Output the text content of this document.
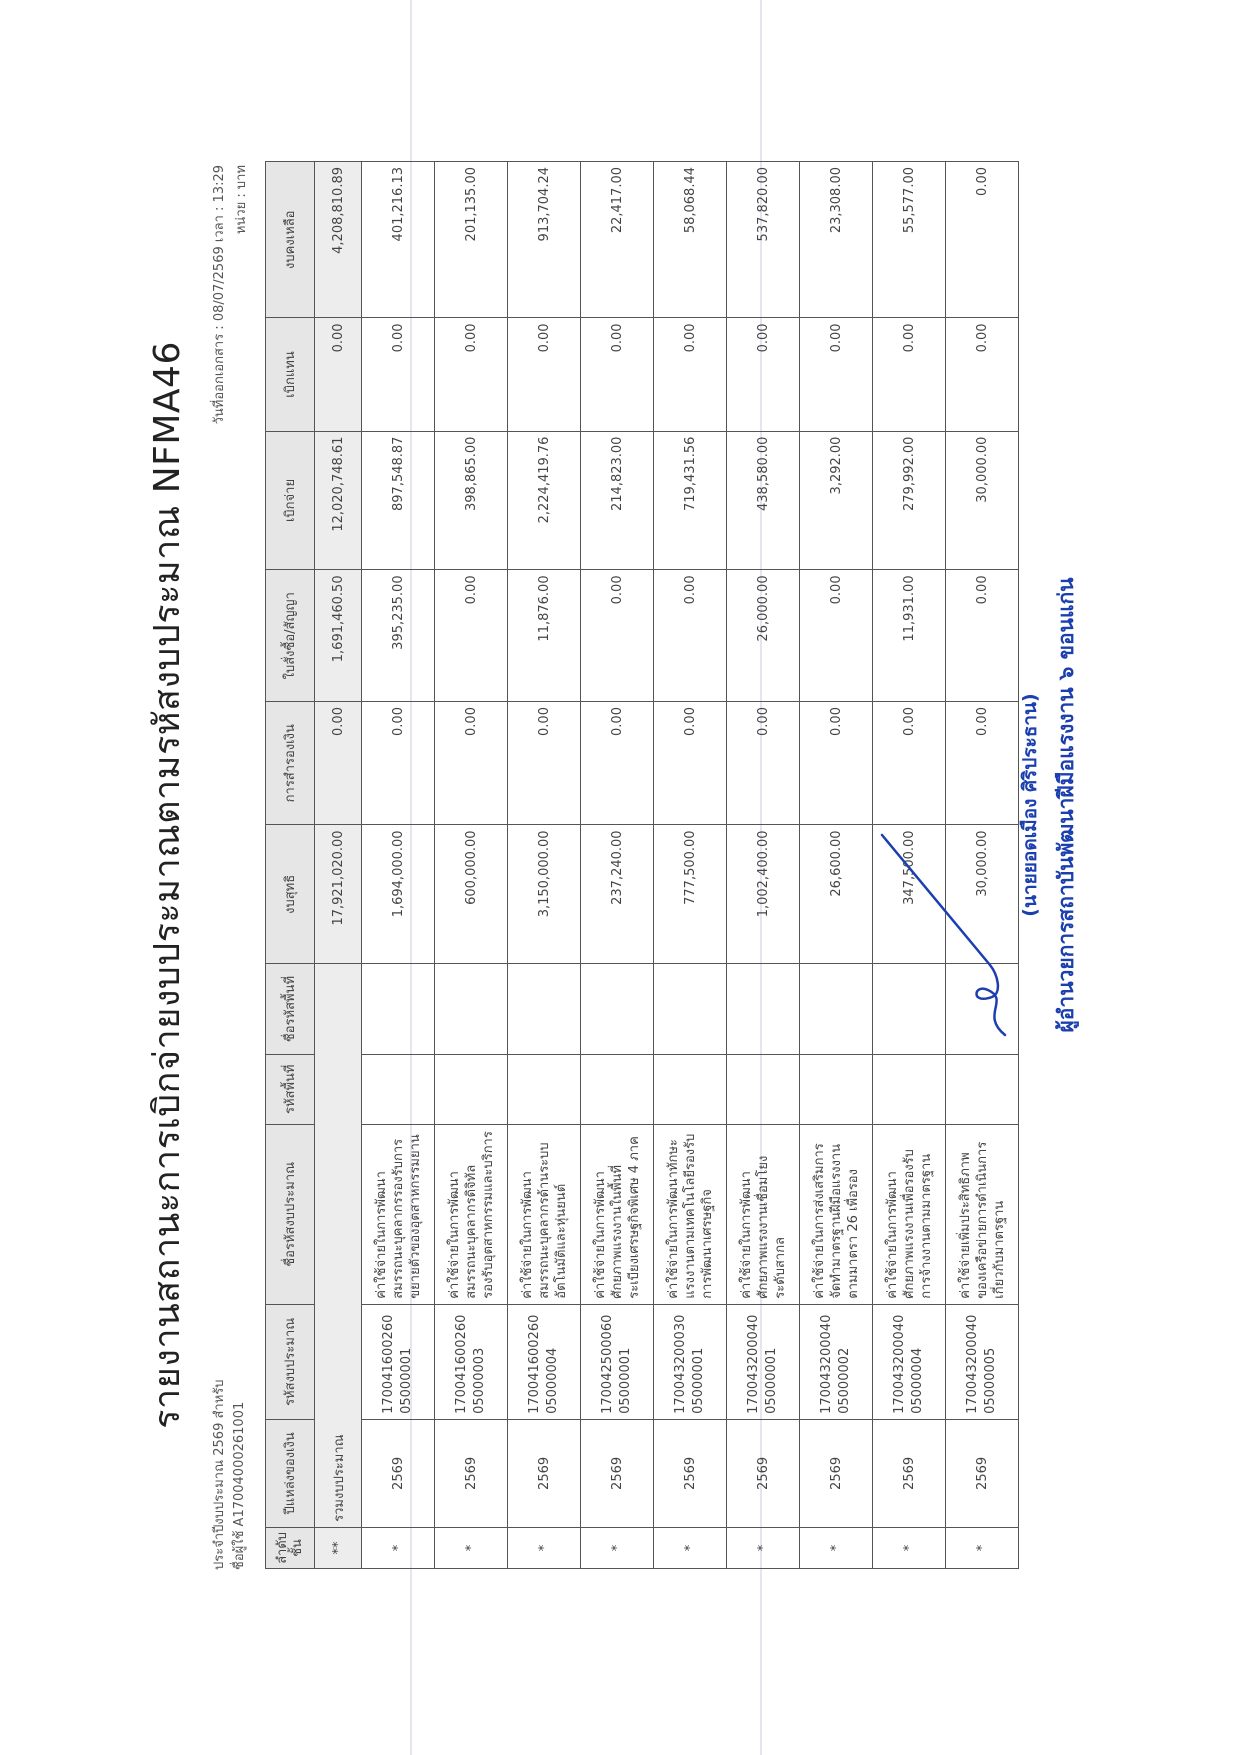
รายงานสถานะการเบิกจ่ายงบประมาณตามรหัสงบประมาณ NFMA46
ประจำปีงบประมาณ 2569 สำหรับ ชื่อผู้ใช้ A17004000261001
วันที่ออกเอกสาร : 08/07/2569 เวลา : 13:29 หน่วย : บาท
ลำดับชั้น	ปีแหล่งของเงิน	รหัสงบประมาณ	ชื่อรหัสงบประมาณ	รหัสพื้นที่	ชื่อรหัสพื้นที่	งบสุทธิ	การสำรองเงิน	ใบสั่งซื้อ/สัญญา	เบิกจ่าย	เบิกแทน	งบคงเหลือ
**	รวมงบประมาณ					17,921,020.00	0.00	1,691,460.50	12,020,748.61	0.00	4,208,810.89
*	2569	17004160026005000001	ค่าใช้จ่ายในการพัฒนาสมรรถนะบุคลากรรองรับการขยายตัวของอุตสาหกรรมยาน			1,694,000.00	0.00	395,235.00	897,548.87	0.00	401,216.13
*	2569	17004160026005000003	ค่าใช้จ่ายในการพัฒนาสมรรถนะบุคลากรดิจิทัลรองรับอุตสาหกรรมและบริการ			600,000.00	0.00	0.00	398,865.00	0.00	201,135.00
*	2569	17004160026005000004	ค่าใช้จ่ายในการพัฒนาสมรรถนะบุคลากรด้านระบบอัตโนมัติและหุ่นยนต์			3,150,000.00	0.00	11,876.00	2,224,419.76	0.00	913,704.24
*	2569	17004250006005000001	ค่าใช้จ่ายในการพัฒนาศักยภาพแรงงานในพื้นที่ระเบียงเศรษฐกิจพิเศษ 4 ภาค			237,240.00	0.00	0.00	214,823.00	0.00	22,417.00
*	2569	17004320003005000001	ค่าใช้จ่ายในการพัฒนาทักษะแรงงานตามเทคโนโลยีรองรับการพัฒนาเศรษฐกิจ			777,500.00	0.00	0.00	719,431.56	0.00	58,068.44
*	2569	17004320004005000001	ค่าใช้จ่ายในการพัฒนาศักยภาพแรงงานเชื่อมโยงระดับสากล			1,002,400.00	0.00	26,000.00	438,580.00	0.00	537,820.00
*	2569	17004320004005000002	ค่าใช้จ่ายในการส่งเสริมการจัดทำมาตรฐานฝีมือแรงงานตามมาตรา 26 เพื่อรอง			26,600.00	0.00	0.00	3,292.00	0.00	23,308.00
*	2569	17004320004005000004	ค่าใช้จ่ายในการพัฒนาศักยภาพแรงงานเพื่อรองรับการจ้างงานตามมาตรฐาน			347,500.00	0.00	11,931.00	279,992.00	0.00	55,577.00
*	2569	17004320004005000005	ค่าใช้จ่ายเพิ่มประสิทธิภาพของเครือข่ายการดำเนินการเกี่ยวกับมาตรฐาน			30,000.00	0.00	0.00	30,000.00	0.00	0.00
(นายยอดเมือง ศิริประธาน) ผู้อำนวยการสถาบันพัฒนาฝีมือแรงงาน ๖ ขอนแก่น
